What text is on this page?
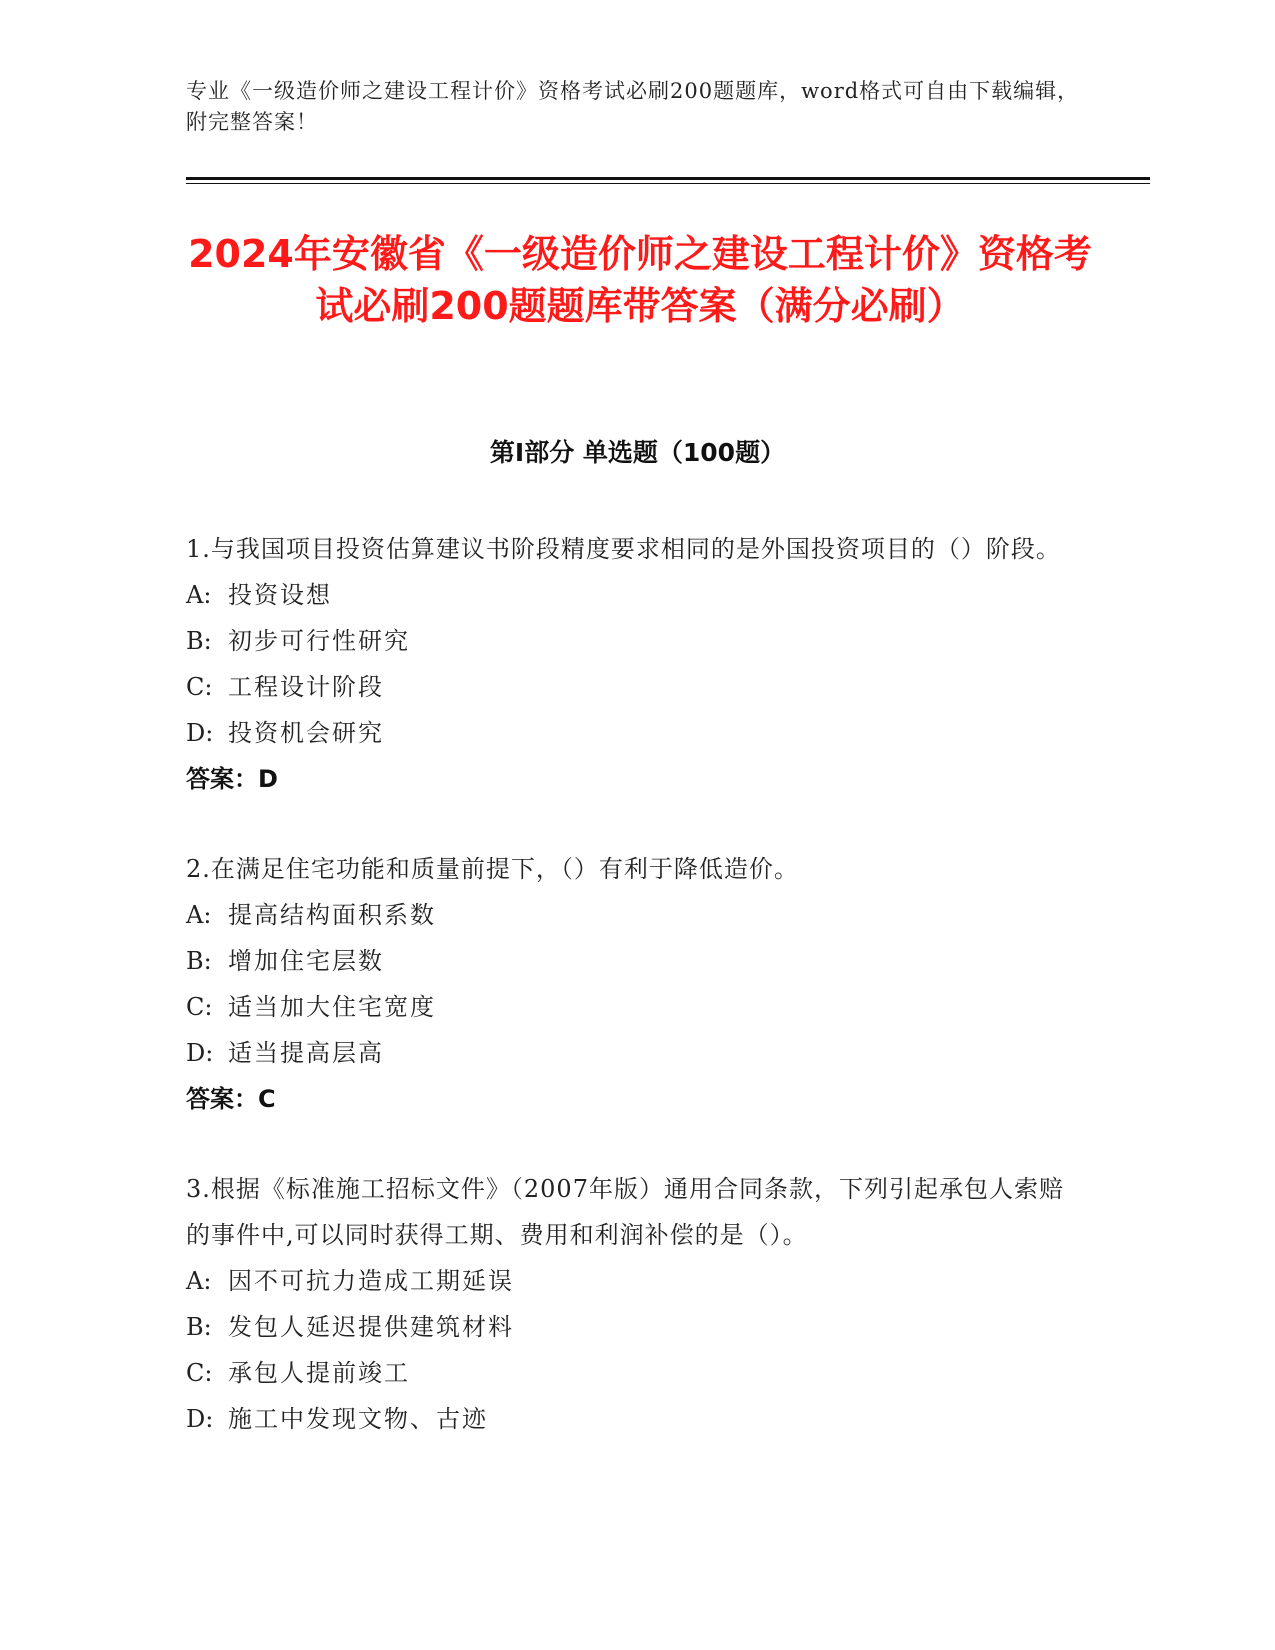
专业《一级造价师之建设工程计价》资格考试必刷200题题库，word格式可自由下载编辑，附完整答案！
2024年安徽省《一级造价师之建设工程计价》资格考试必刷200题题库带答案（满分必刷）
第I部分 单选题（100题）
1.与我国项目投资估算建议书阶段精度要求相同的是外国投资项目的（）阶段。
A: 投资设想
B: 初步可行性研究
C: 工程设计阶段
D: 投资机会研究
答案：D
2.在满足住宅功能和质量前提下，（）有利于降低造价。
A: 提高结构面积系数
B: 增加住宅层数
C: 适当加大住宅宽度
D: 适当提高层高
答案：C
3.根据《标准施工招标文件》（2007年版）通用合同条款，下列引起承包人索赔的事件中,可以同时获得工期、费用和利润补偿的是（）。
A: 因不可抗力造成工期延误
B: 发包人延迟提供建筑材料
C: 承包人提前竣工
D: 施工中发现文物、古迹
